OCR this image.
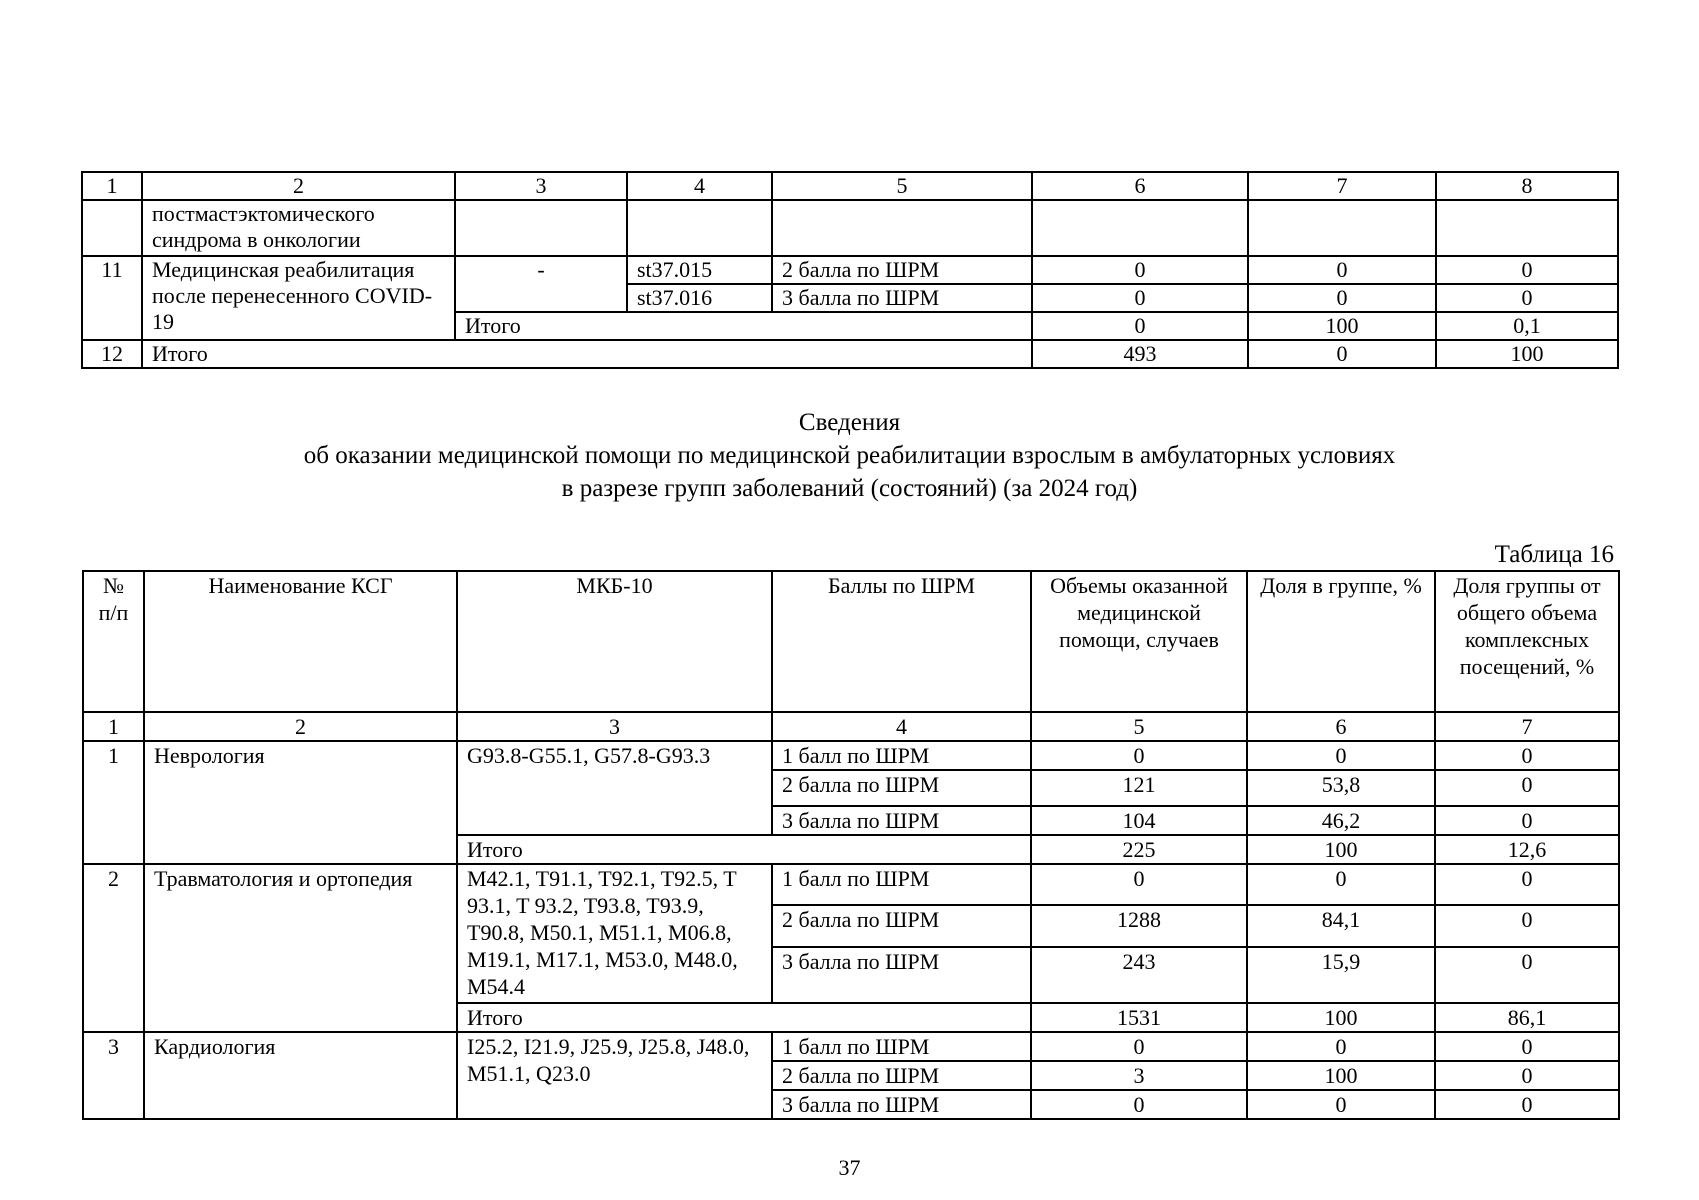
1	2	3	4	5	6	7	8
	постмастэктомического синдрома в онкологии						
11	Медицинская реабилитация после перенесенного COVID-19	-	st37.015	2 балла по ШРМ	0	0	0
			st37.016	3 балла по ШРМ	0	0	0
		Итого			0	100	0,1
12	Итого				493	0	100
Сведения
об оказании медицинской помощи по медицинской реабилитации взрослым в амбулаторных условиях
в разрезе групп заболеваний (состояний) (за 2024 год)
Таблица 16
№ п/п	Наименование КСГ	МКБ-10	Баллы по ШРМ	Объемы оказанной медицинской помощи, случаев	Доля в группе, %	Доля группы от общего объема комплексных посещений, %
1	2	3	4	5	6	7
1	Неврология	G93.8-G55.1, G57.8-G93.3	1 балл по ШРМ	0	0	0
			2 балла по ШРМ	121	53,8	0
			3 балла по ШРМ	104	46,2	0
		Итого		225	100	12,6
2	Травматология и ортопедия	M42.1, T91.1, T92.1, T92.5, T 93.1, T 93.2, T93.8, T93.9, T90.8, M50.1, M51.1, M06.8, M19.1, M17.1, M53.0, M48.0, M54.4	1 балл по ШРМ	0	0	0
			2 балла по ШРМ	1288	84,1	0
			3 балла по ШРМ	243	15,9	0
		Итого		1531	100	86,1
3	Кардиология	I25.2, I21.9, J25.9, J25.8, J48.0, M51.1, Q23.0	1 балл по ШРМ	0	0	0
			2 балла по ШРМ	3	100	0
			3 балла по ШРМ	0	0	0
37
